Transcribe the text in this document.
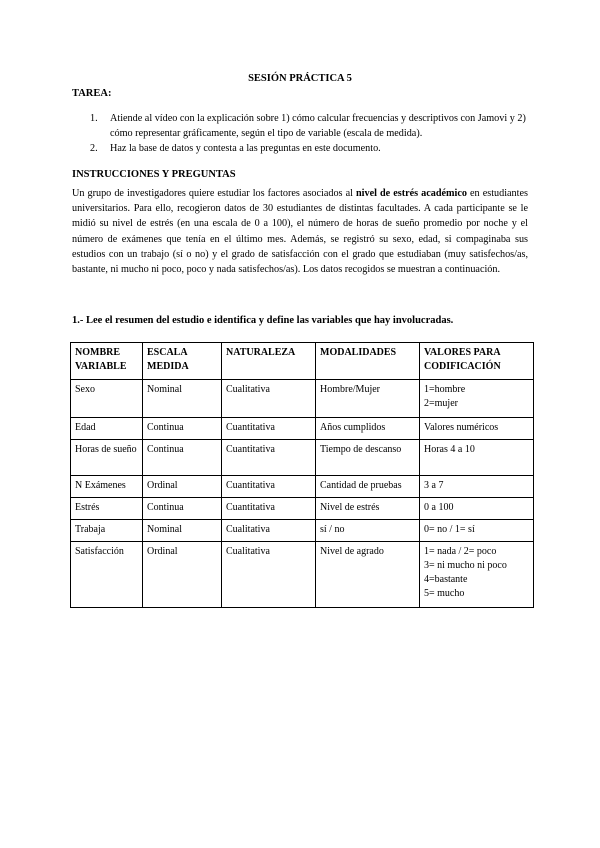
SESIÓN PRÁCTICA 5
TAREA:
1. Atiende al vídeo con la explicación sobre 1) cómo calcular frecuencias y descriptivos con Jamovi y 2) cómo representar gráficamente, según el tipo de variable (escala de medida).
2. Haz la base de datos y contesta a las preguntas en este documento.
INSTRUCCIONES Y PREGUNTAS
Un grupo de investigadores quiere estudiar los factores asociados al nivel de estrés académico en estudiantes universitarios. Para ello, recogieron datos de 30 estudiantes de distintas facultades. A cada participante se le midió su nivel de estrés (en una escala de 0 a 100), el número de horas de sueño promedio por noche y el número de exámenes que tenía en el último mes. Además, se registró su sexo, edad, si compaginaba sus estudios con un trabajo (sí o no) y el grado de satisfacción con el grado que estudiaban (muy satisfechos/as, bastante, ni mucho ni poco, poco y nada satisfechos/as). Los datos recogidos se muestran a continuación.
1.- Lee el resumen del estudio e identifica y define las variables que hay involucradas.
NOMBRE VARIABLE	ESCALA MEDIDA	NATURALEZA	MODALIDADES	VALORES PARA CODIFICACIÓN
Sexo	Nominal	Cualitativa	Hombre/Mujer	1=hombre
2=mujer
Edad	Continua	Cuantitativa	Años cumplidos	Valores numéricos
Horas de sueño	Continua	Cuantitativa	Tiempo de descanso	Horas 4 a 10
N Exámenes	Ordinal	Cuantitativa	Cantidad de pruebas	3 a 7
Estrés	Continua	Cuantitativa	Nivel de estrés	0 a 100
Trabaja	Nominal	Cualitativa	sí / no	0= no / 1= sí
Satisfacción	Ordinal	Cualitativa	Nivel de agrado	1= nada / 2= poco
3= ni mucho ni poco
4=bastante
5= mucho
